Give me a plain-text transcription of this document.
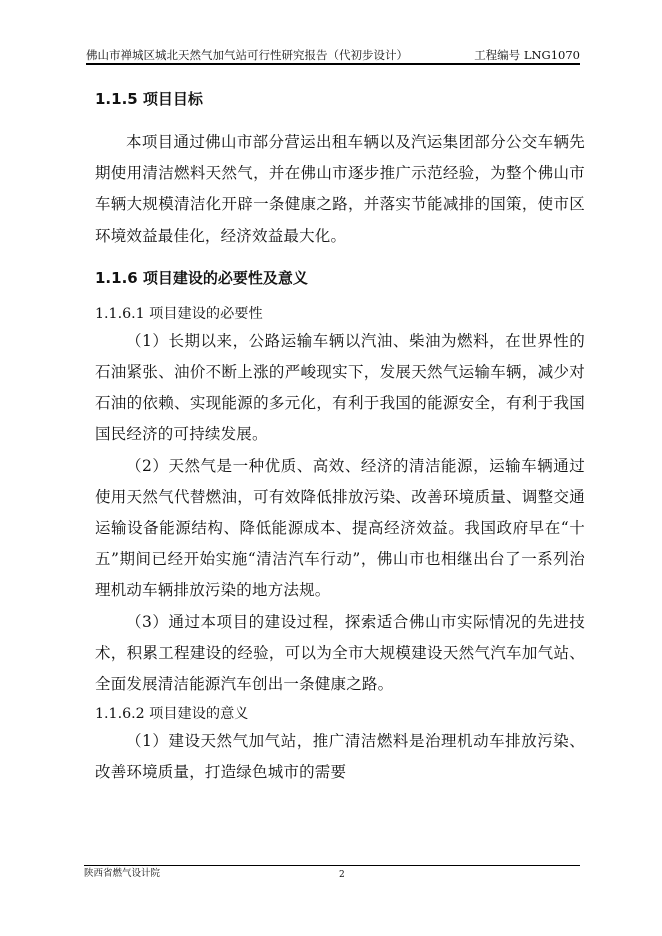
佛山市禅城区城北天然气加气站可行性研究报告（代初步设计）	工程编号 LNG1070
1.1.5 项目目标

本项目通过佛山市部分营运出租车辆以及汽运集团部分公交车辆先期使用清洁燃料天然气，并在佛山市逐步推广示范经验，为整个佛山市车辆大规模清洁化开辟一条健康之路，并落实节能减排的国策，使市区环境效益最佳化，经济效益最大化。

1.1.6 项目建设的必要性及意义
1.1.6.1 项目建设的必要性

（1）长期以来，公路运输车辆以汽油、柴油为燃料，在世界性的石油紧张、油价不断上涨的严峻现实下，发展天然气运输车辆，减少对石油的依赖、实现能源的多元化，有利于我国的能源安全，有利于我国国民经济的可持续发展。

（2）天然气是一种优质、高效、经济的清洁能源，运输车辆通过使用天然气代替燃油，可有效降低排放污染、改善环境质量、调整交通运输设备能源结构、降低能源成本、提高经济效益。我国政府早在“十五”期间已经开始实施“清洁汽车行动”，佛山市也相继出台了一系列治理机动车辆排放污染的地方法规。

（3）通过本项目的建设过程，探索适合佛山市实际情况的先进技术，积累工程建设的经验，可以为全市大规模建设天然气汽车加气站、全面发展清洁能源汽车创出一条健康之路。

1.1.6.2 项目建设的意义

（1）建设天然气加气站，推广清洁燃料是治理机动车排放污染、改善环境质量，打造绿色城市的需要

陕西省燃气设计院	2
